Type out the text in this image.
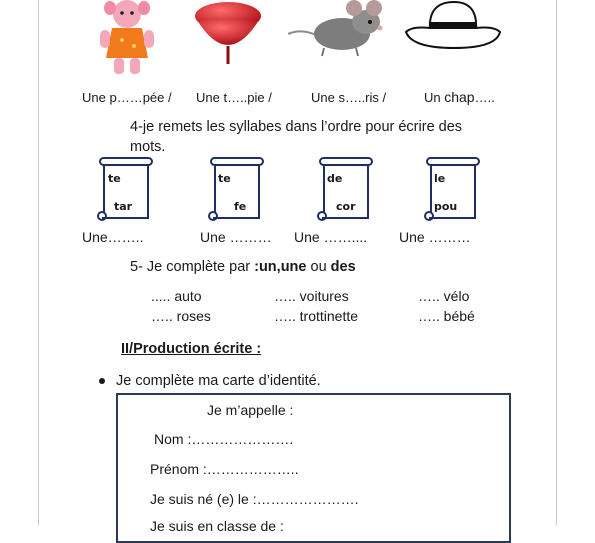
Une p……pée / Une t…..pie /	Une s…..ris /	Un chap…..
4-je remets les syllabes dans l’ordre pour écrire des
mots.
te
tar
te
fe
de
cor
le
pou
Une……..	Une ……… Une …….... Une ………
5- Je complète par :un,une ou des
..... auto	….. voitures	….. vélo
….. roses	….. trottinette	….. bébé
II/Production écrite :
Je complète ma carte d’identité.
Je m’appelle :
Nom :………………….
Prénom :………………..
Je suis né (e) le :………………….
Je suis en classe de :
